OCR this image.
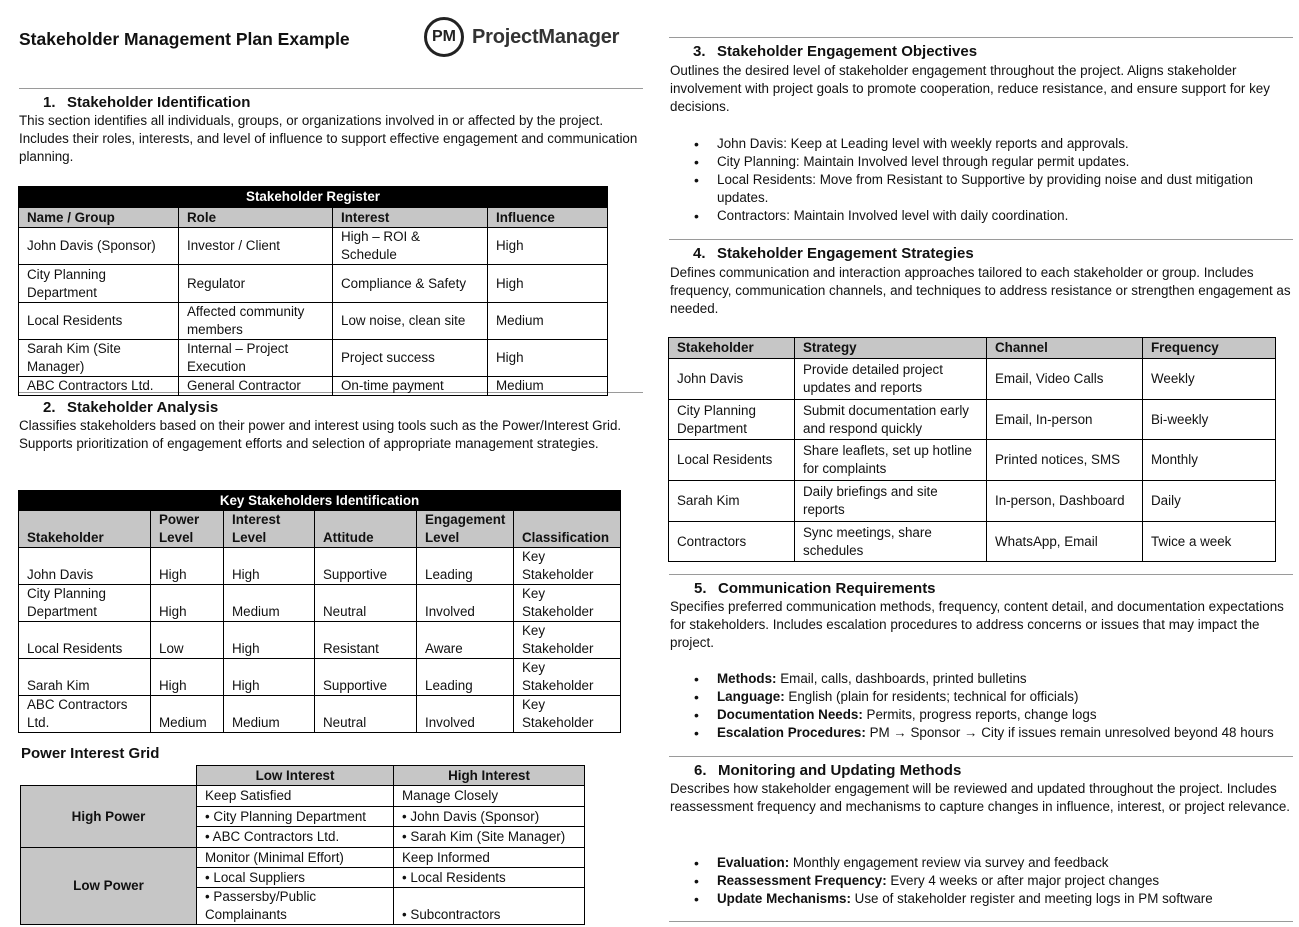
Stakeholder Management Plan Example	PM ProjectManager
1. Stakeholder Identification
This section identifies all individuals, groups, or organizations involved in or affected by the project. Includes their roles, interests, and level of influence to support effective engagement and communication planning.
Stakeholder Register			
Name / Group	Role	Interest	Influence
John Davis (Sponsor)	Investor / Client	High – ROI & Schedule	High
City Planning Department	Regulator	Compliance & Safety	High
Local Residents	Affected community members	Low noise, clean site	Medium
Sarah Kim (Site Manager)	Internal – Project Execution	Project success	High
ABC Contractors Ltd.	General Contractor	On-time payment	Medium
2. Stakeholder Analysis
Classifies stakeholders based on their power and interest using tools such as the Power/Interest Grid. Supports prioritization of engagement efforts and selection of appropriate management strategies.
Key Stakeholders Identification					
Stakeholder	Power Level	Interest Level	Attitude	Engagement Level	Classification
John Davis	High	High	Supportive	Leading	Key Stakeholder
City Planning Department	High	Medium	Neutral	Involved	Key Stakeholder
Local Residents	Low	High	Resistant	Aware	Key Stakeholder
Sarah Kim	High	High	Supportive	Leading	Key Stakeholder
ABC Contractors Ltd.	Medium	Medium	Neutral	Involved	Key Stakeholder
Power Interest Grid
	Low Interest	High Interest
High Power	Keep Satisfied	Manage Closely
	• City Planning Department	• John Davis (Sponsor)
	• ABC Contractors Ltd.	• Sarah Kim (Site Manager)
Low Power	Monitor (Minimal Effort)	Keep Informed
	• Local Suppliers	• Local Residents
	• Passersby/Public Complainants	• Subcontractors
3. Stakeholder Engagement Objectives
Outlines the desired level of stakeholder engagement throughout the project. Aligns stakeholder involvement with project goals to promote cooperation, reduce resistance, and ensure support for key decisions.
• John Davis: Keep at Leading level with weekly reports and approvals.
• City Planning: Maintain Involved level through regular permit updates.
• Local Residents: Move from Resistant to Supportive by providing noise and dust mitigation updates.
• Contractors: Maintain Involved level with daily coordination.
4. Stakeholder Engagement Strategies
Defines communication and interaction approaches tailored to each stakeholder or group. Includes frequency, communication channels, and techniques to address resistance or strengthen engagement as needed.
Stakeholder	Strategy	Channel	Frequency
John Davis	Provide detailed project updates and reports	Email, Video Calls	Weekly
City Planning Department	Submit documentation early and respond quickly	Email, In-person	Bi-weekly
Local Residents	Share leaflets, set up hotline for complaints	Printed notices, SMS	Monthly
Sarah Kim	Daily briefings and site reports	In-person, Dashboard	Daily
Contractors	Sync meetings, share schedules	WhatsApp, Email	Twice a week
5. Communication Requirements
Specifies preferred communication methods, frequency, content detail, and documentation expectations for stakeholders. Includes escalation procedures to address concerns or issues that may impact the project.
• Methods: Email, calls, dashboards, printed bulletins
• Language: English (plain for residents; technical for officials)
• Documentation Needs: Permits, progress reports, change logs
• Escalation Procedures: PM → Sponsor → City if issues remain unresolved beyond 48 hours
6. Monitoring and Updating Methods
Describes how stakeholder engagement will be reviewed and updated throughout the project. Includes reassessment frequency and mechanisms to capture changes in influence, interest, or project relevance.
• Evaluation: Monthly engagement review via survey and feedback
• Reassessment Frequency: Every 4 weeks or after major project changes
• Update Mechanisms: Use of stakeholder register and meeting logs in PM software
